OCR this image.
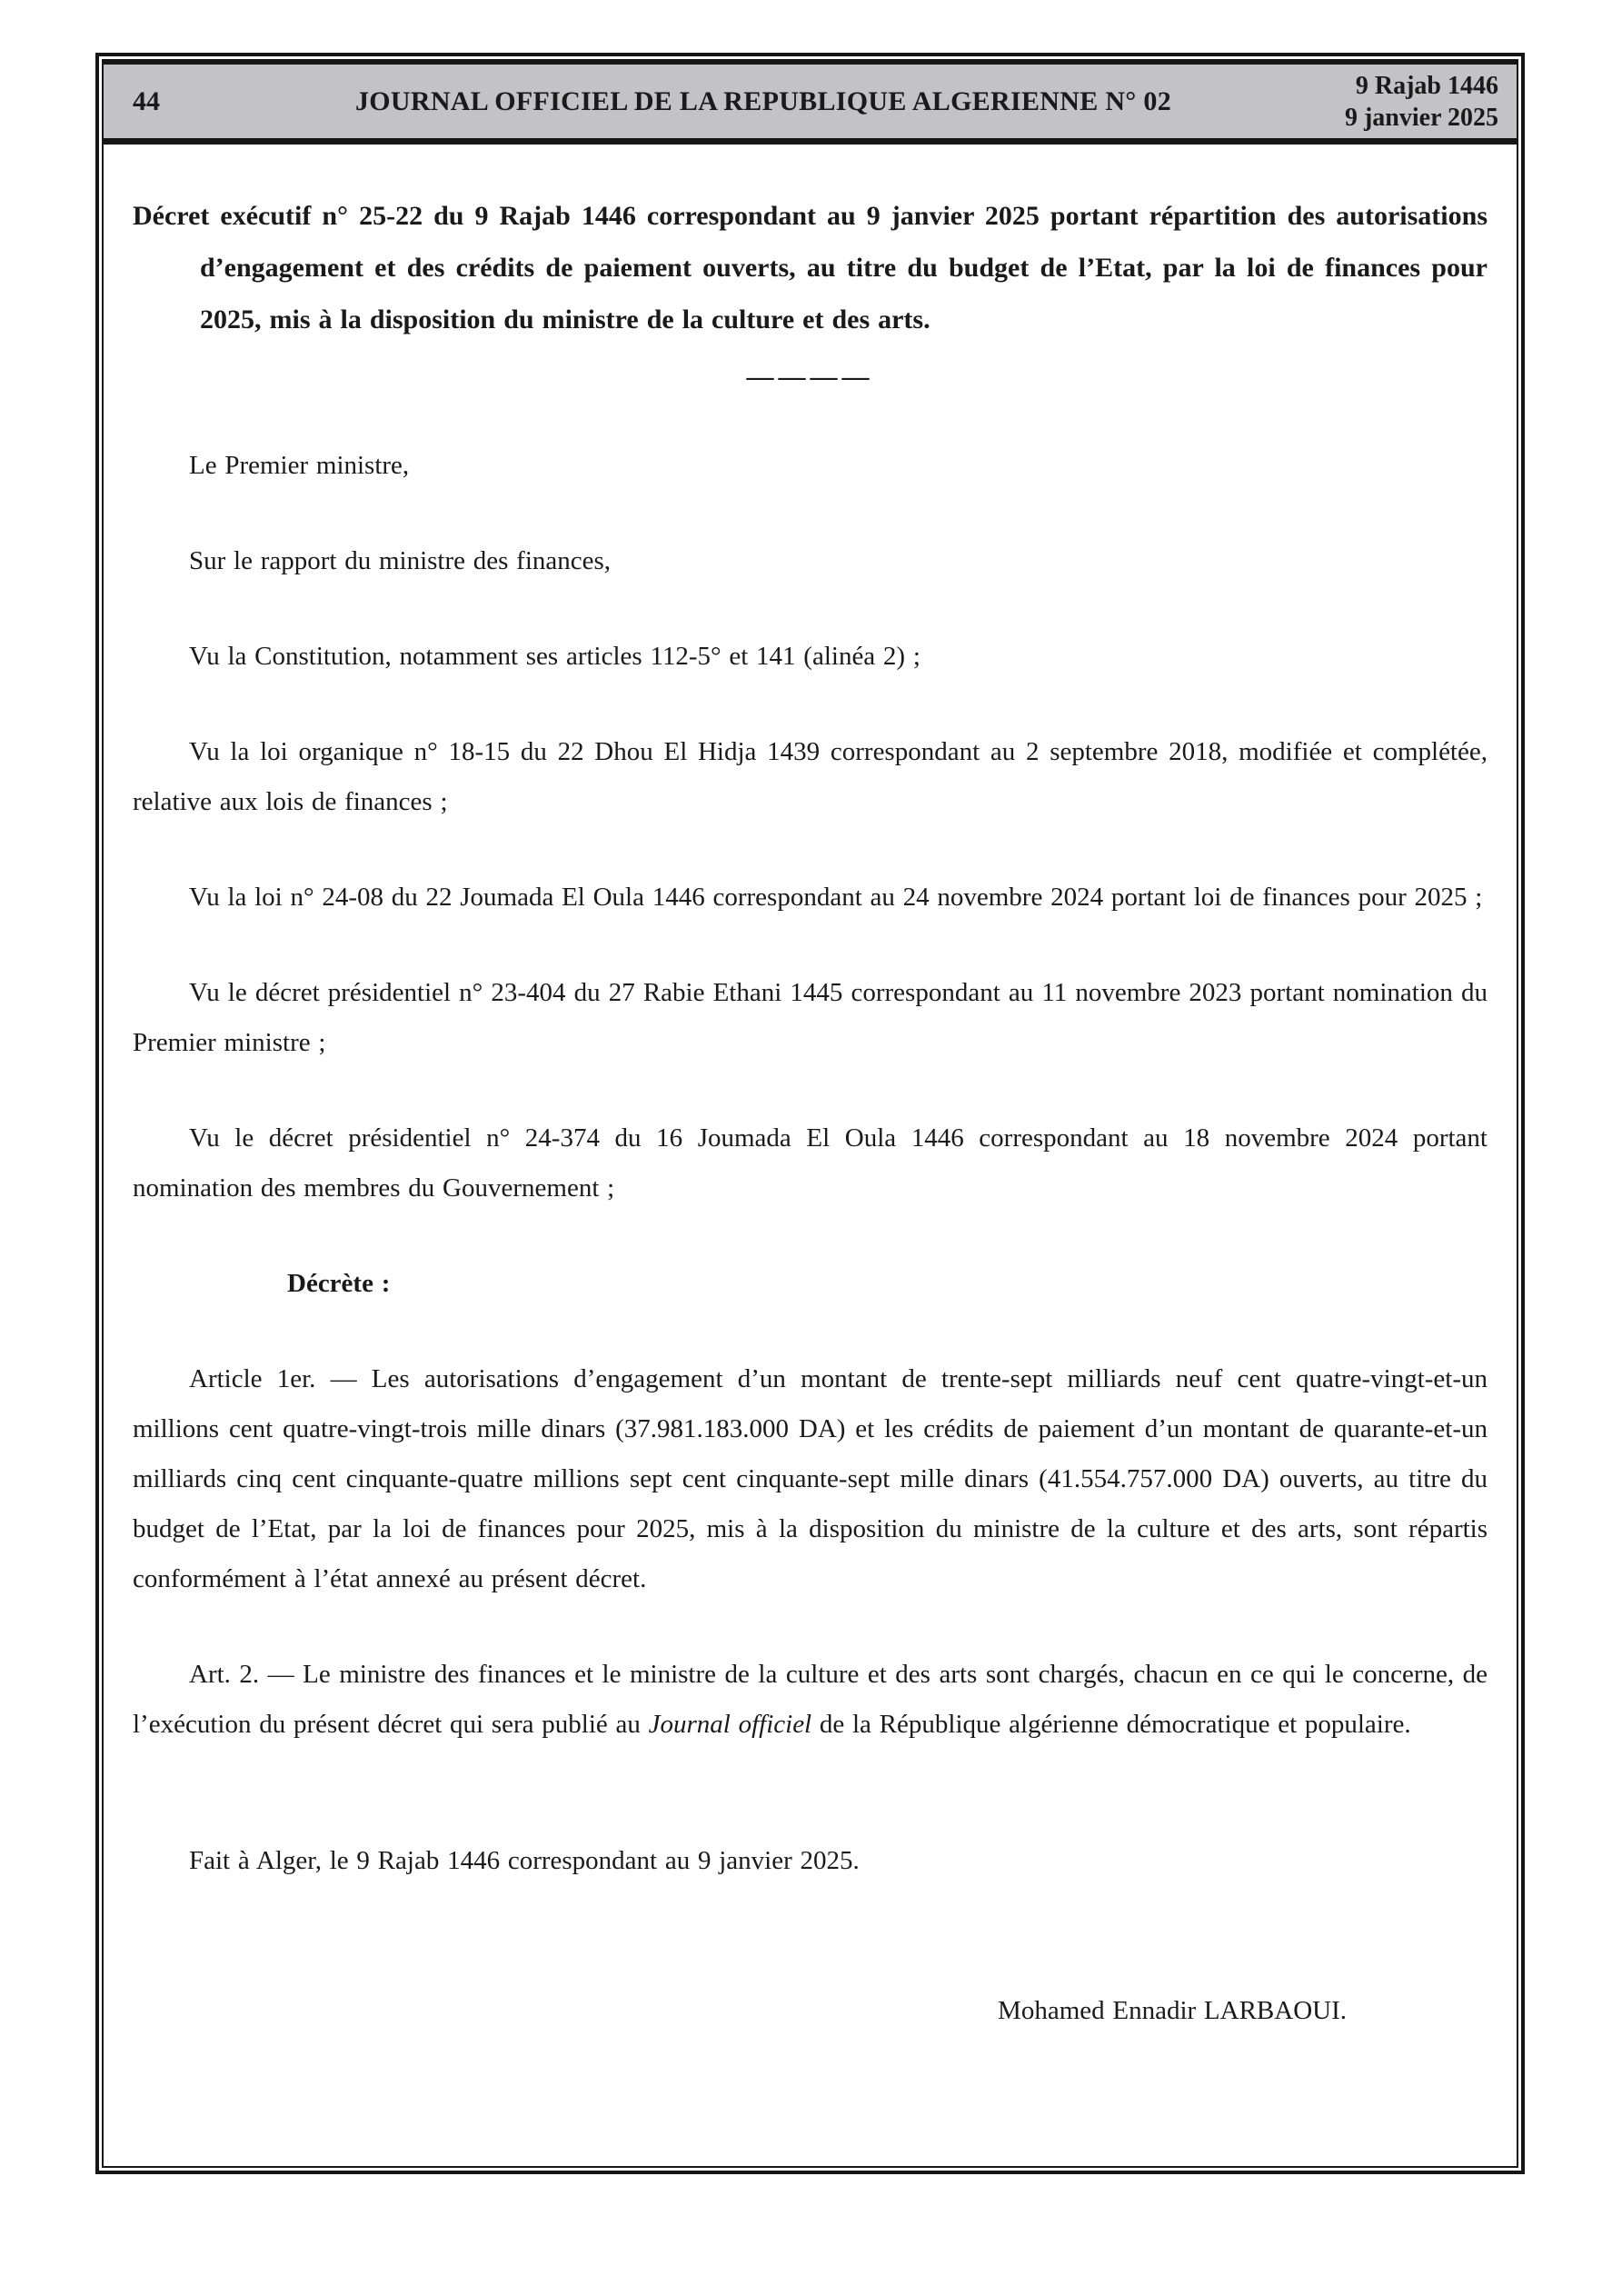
44	JOURNAL OFFICIEL DE LA REPUBLIQUE ALGERIENNE N° 02
9 Rajab 1446
9 janvier 2025

Décret exécutif n° 25-22 du 9 Rajab 1446 correspondant au 9 janvier 2025 portant répartition des autorisations d’engagement et des crédits de paiement ouverts, au titre du budget de l’Etat, par la loi de finances pour 2025, mis à la disposition du ministre de la culture et des arts.

————

Le Premier ministre,

Sur le rapport du ministre des finances,

Vu la Constitution, notamment ses articles 112-5° et 141 (alinéa 2) ;

Vu la loi organique n° 18-15 du 22 Dhou El Hidja 1439 correspondant au 2 septembre 2018, modifiée et complétée, relative aux lois de finances ;

Vu la loi n° 24-08 du 22 Joumada El Oula 1446 correspondant au 24 novembre 2024 portant loi de finances pour 2025 ;

Vu le décret présidentiel n° 23-404 du 27 Rabie Ethani 1445 correspondant au 11 novembre 2023 portant nomination du Premier ministre ;

Vu le décret présidentiel n° 24-374 du 16 Joumada El Oula 1446 correspondant au 18 novembre 2024 portant nomination des membres du Gouvernement ;

Décrète :

Article 1er. — Les autorisations d’engagement d’un montant de trente-sept milliards neuf cent quatre-vingt-et-un millions cent quatre-vingt-trois mille dinars (37.981.183.000 DA) et les crédits de paiement d’un montant de quarante-et-un milliards cinq cent cinquante-quatre millions sept cent cinquante-sept mille dinars (41.554.757.000 DA) ouverts, au titre du budget de l’Etat, par la loi de finances pour 2025, mis à la disposition du ministre de la culture et des arts, sont répartis conformément à l’état annexé au présent décret.

Art. 2. — Le ministre des finances et le ministre de la culture et des arts sont chargés, chacun en ce qui le concerne, de l’exécution du présent décret qui sera publié au Journal officiel de la République algérienne démocratique et populaire.

Fait à Alger, le 9 Rajab 1446 correspondant au 9 janvier 2025.

Mohamed Ennadir LARBAOUI.
